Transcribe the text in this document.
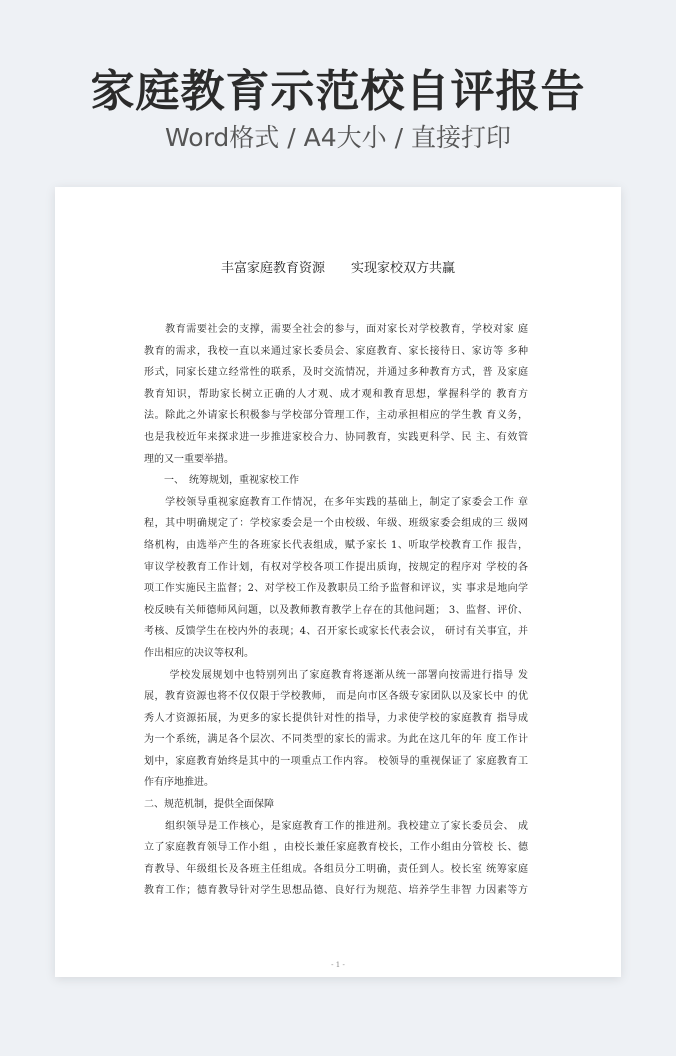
家庭教育示范校自评报告
Word格式 / A4大小 / 直接打印
丰富家庭教育资源　　实现家校双方共赢
　　教育需要社会的支撑，需要全社会的参与，面对家长对学校教育，学校对家 庭
教育的需求，我校一直以来通过家长委员会、家庭教育、家长接待日、家访等 多种
形式，同家长建立经常性的联系，及时交流情况，并通过多种教育方式，普 及家庭
教育知识，帮助家长树立正确的人才观、成才观和教育思想，掌握科学的 教育方
法。除此之外请家长积极参与学校部分管理工作，主动承担相应的学生教 育义务，
也是我校近年来探求进一步推进家校合力、协同教育，实践更科学、民 主、有效管
理的又一重要举措。
　　一、　统筹规划，重视家校工作
　　学校领导重视家庭教育工作情况，在多年实践的基础上，制定了家委会工作 章
程，其中明确规定了：学校家委会是一个由校级、年级、班级家委会组成的三 级网
络机构，由选举产生的各班家长代表组成，赋予家长 1、听取学校教育工作 报告，
审议学校教育工作计划，有权对学校各项工作提出质询，按规定的程序对 学校的各
项工作实施民主监督；2、对学校工作及教职员工给予监督和评议，实 事求是地向学
校反映有关师德师风问题，以及教师教育教学上存在的其他问题； 3、监督、评价、
考核、反馈学生在校内外的表现；4、召开家长或家长代表会议， 研讨有关事宜，并
作出相应的决议等权利。
　　 学校发展规划中也特别列出了家庭教育将逐渐从统一部署向按需进行指导 发
展，教育资源也将不仅仅限于学校教师， 而是向市区各级专家团队以及家长中 的优
秀人才资源拓展，为更多的家长提供针对性的指导，力求使学校的家庭教育 指导成
为一个系统，满足各个层次、不同类型的家长的需求。为此在这几年的年 度工作计
划中，家庭教育始终是其中的一项重点工作内容。 校领导的重视保证了 家庭教育工
作有序地推进。
二、规范机制，提供全面保障
　　组织领导是工作核心，是家庭教育工作的推进剂。我校建立了家长委员会、 成
立了家庭教育领导工作小组 ，由校长兼任家庭教育校长，工作小组由分管校 长、德
育教导、年级组长及各班主任组成。各组员分工明确，责任到人。校长室 统筹家庭
教育工作；德育教导针对学生思想品德、良好行为规范、培养学生非智 力因素等方
- 1 -
